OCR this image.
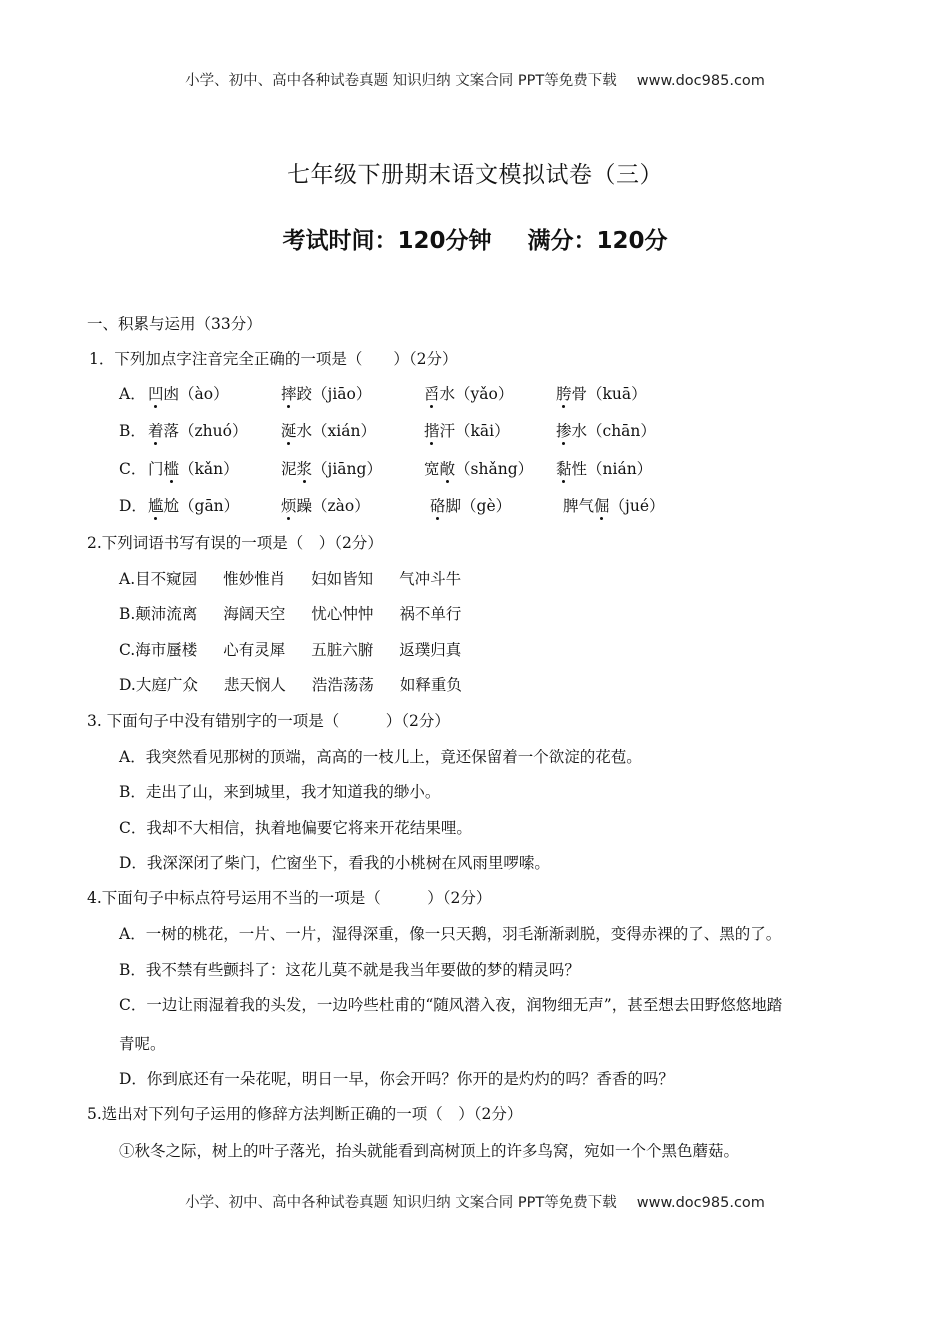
小学、初中、高中各种试卷真题 知识归纳 文案合同 PPT等免费下载 www.doc985.com
七年级下册期末语文模拟试卷（三）
考试时间：120分钟 满分：120分
一、积累与运用（33分）
1．下列加点字注音完全正确的一项是（　　）（2分）
A． 凹凼（ào）	摔跤（jiāo）	舀水（yǎo）	胯骨（kuā）
B． 着落（zhuó） 涎水（xián）	揩汗（kāi）	掺水（chān）
C． 门槛（kǎn）	泥浆（jiāng）	宽敞（shǎng） 黏性（nián）
D． 尴尬（gān）	烦躁（zào）	硌脚（gè）	脾气倔（jué）
2.下列词语书写有误的一项是（　）（2分）
A.目不窥园 惟妙惟肖 妇如皆知 气冲斗牛
B.颠沛流离 海阔天空 忧心忡忡 祸不单行
C.海市蜃楼 心有灵犀 五脏六腑 返璞归真
D.大庭广众 悲天悯人 浩浩荡荡 如释重负
3. 下面句子中没有错别字的一项是（　　　）（2分）
A．我突然看见那树的顶端，高高的一枝儿上，竟还保留着一个欲淀的花苞。
B．走出了山，来到城里，我才知道我的缈小。
C．我却不大相信，执着地偏要它将来开花结果哩。
D．我深深闭了柴门，伫窗坐下，看我的小桃树在风雨里啰嗦。
4.下面句子中标点符号运用不当的一项是（　　　）（2分）
A．一树的桃花，一片、一片，湿得深重，像一只天鹅，羽毛渐渐剥脱，变得赤裸的了、黑的了。
B．我不禁有些颤抖了：这花儿莫不就是我当年要做的梦的精灵吗？
C．一边让雨湿着我的头发，一边吟些杜甫的“随风潜入夜，润物细无声”，甚至想去田野悠悠地踏
青呢。
D．你到底还有一朵花呢，明日一早，你会开吗？你开的是灼灼的吗？香香的吗？
5.选出对下列句子运用的修辞方法判断正确的一项（　）（2分）
①秋冬之际，树上的叶子落光，抬头就能看到高树顶上的许多鸟窝，宛如一个个黑色蘑菇。
小学、初中、高中各种试卷真题 知识归纳 文案合同 PPT等免费下载 www.doc985.com
